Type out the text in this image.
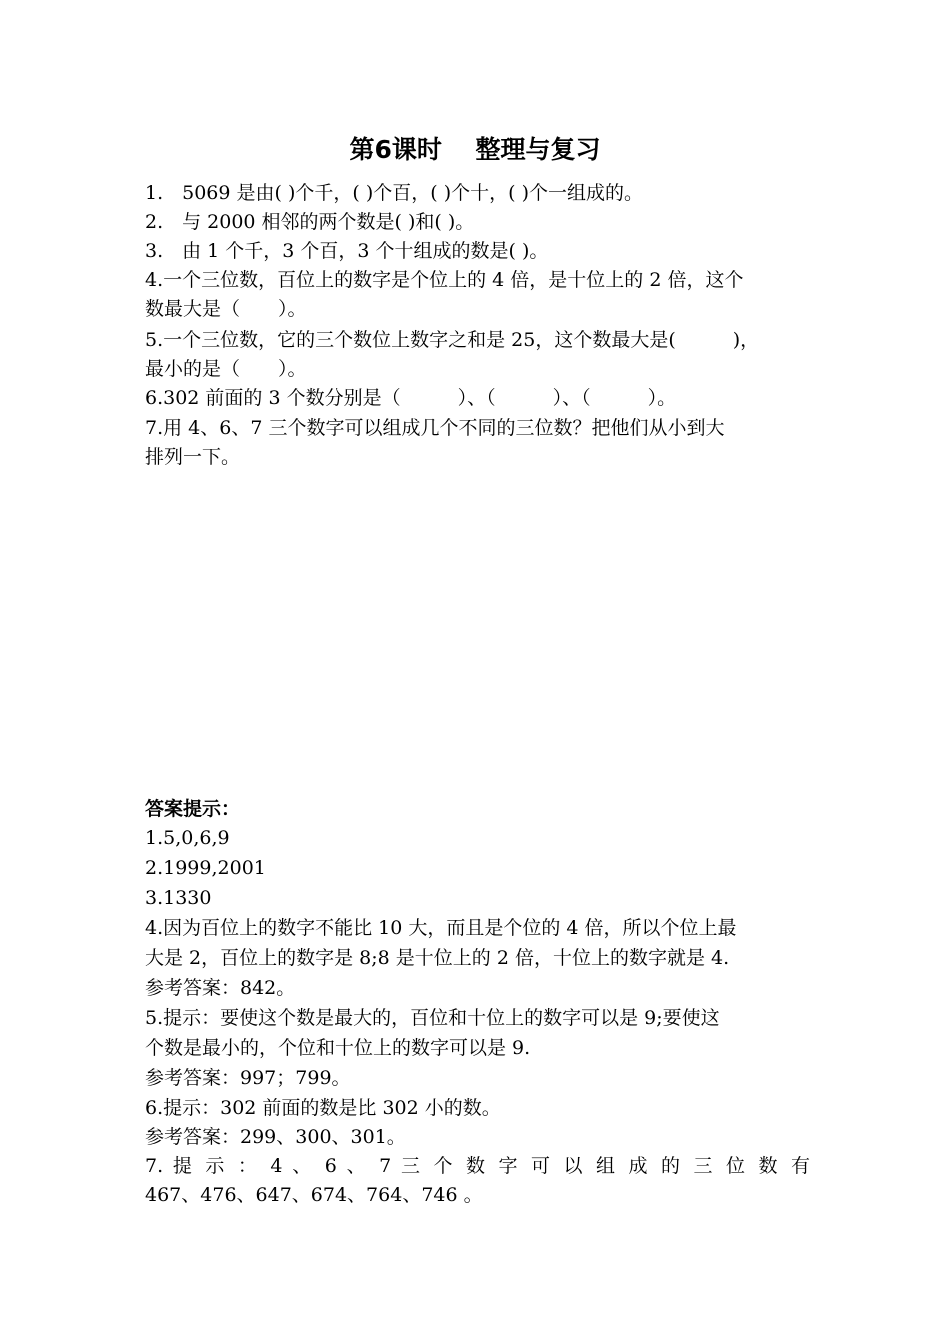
第6课时　 整理与复习
1.　5069 是由( )个千，( )个百，( )个十，( )个一组成的。
2.　与 2000 相邻的两个数是( )和( )。
3.　由 1 个千，3 个百，3 个十组成的数是( )。
4.一个三位数，百位上的数字是个位上的 4 倍，是十位上的 2 倍，这个
数最大是（　　）。
5.一个三位数，它的三个数位上数字之和是 25，这个数最大是(　　　)，
最小的是（　　）。
6.302 前面的 3 个数分别是（　　　）、（　　　）、（　　　）。
7.用 4、6、7 三个数字可以组成几个不同的三位数？把他们从小到大
排列一下。
答案提示：
1.5,0,6,9
2.1999,2001
3.1330
4.因为百位上的数字不能比 10 大，而且是个位的 4 倍，所以个位上最
大是 2，百位上的数字是 8;8 是十位上的 2 倍，十位上的数字就是 4.
参考答案：842。
5.提示：要使这个数是最大的，百位和十位上的数字可以是 9;要使这
个数是最小的，个位和十位上的数字可以是 9.
参考答案：997；799。
6.提示：302 前面的数是比 302 小的数。
参考答案：299、300、301。
7. 提 示 ： 4 、 6 、 7 三 个 数 字 可 以 组 成 的 三 位 数 有
467、476、647、674、764、746 。
